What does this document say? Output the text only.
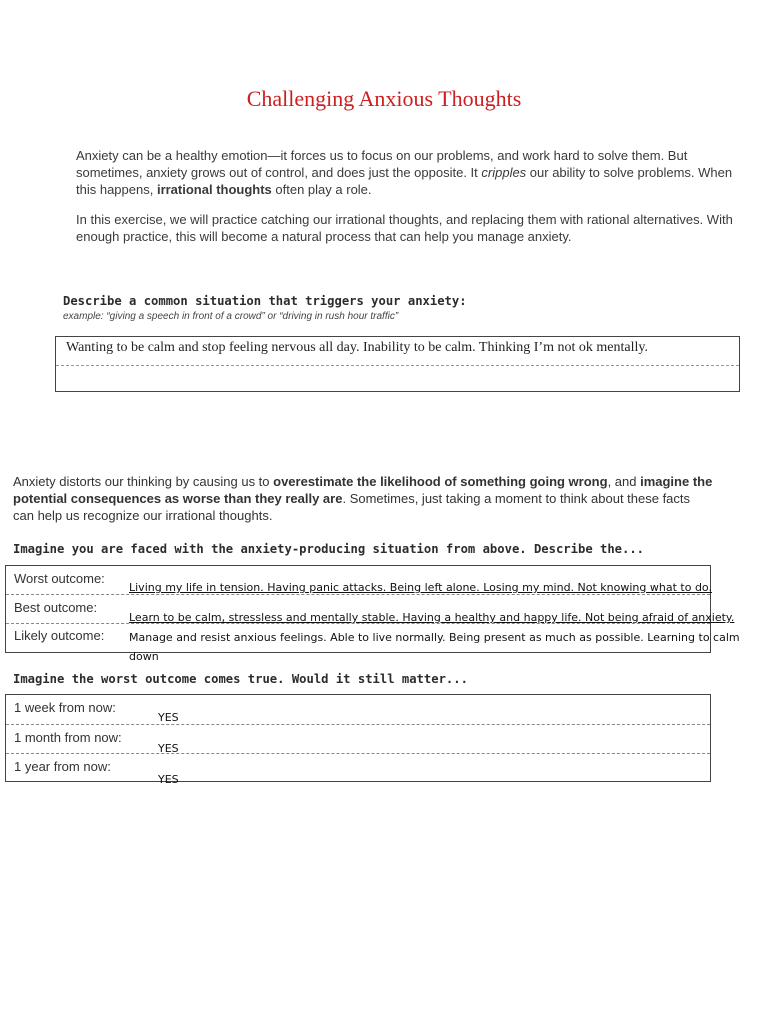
Challenging Anxious Thoughts
Anxiety can be a healthy emotion—it forces us to focus on our problems, and work hard to solve them. But sometimes, anxiety grows out of control, and does just the opposite. It cripples our ability to solve problems. When this happens, irrational thoughts often play a role.
In this exercise, we will practice catching our irrational thoughts, and replacing them with rational alternatives. With enough practice, this will become a natural process that can help you manage anxiety.
Describe a common situation that triggers your anxiety:
example: “giving a speech in front of a crowd” or “driving in rush hour traffic”
Wanting to be calm and stop feeling nervous all day. Inability to be calm. Thinking I’m not ok mentally.
Anxiety distorts our thinking by causing us to overestimate the likelihood of something going wrong, and imagine the potential consequences as worse than they really are. Sometimes, just taking a moment to think about these facts can help us recognize our irrational thoughts.
Imagine you are faced with the anxiety-producing situation from above. Describe the...
Worst outcome:
Best outcome:
Likely outcome:
Living my life in tension. Having panic attacks. Being left alone. Losing my mind. Not knowing what to do.
Learn to be calm, stressless and mentally stable. Having a healthy and happy life. Not being afraid of anxiety.
Manage and resist anxious feelings. Able to live normally. Being present as much as possible. Learning to calm down
Imagine the worst outcome comes true. Would it still matter...
1 week from now:
1 month from now:
1 year from now:
YES
YES
YES
